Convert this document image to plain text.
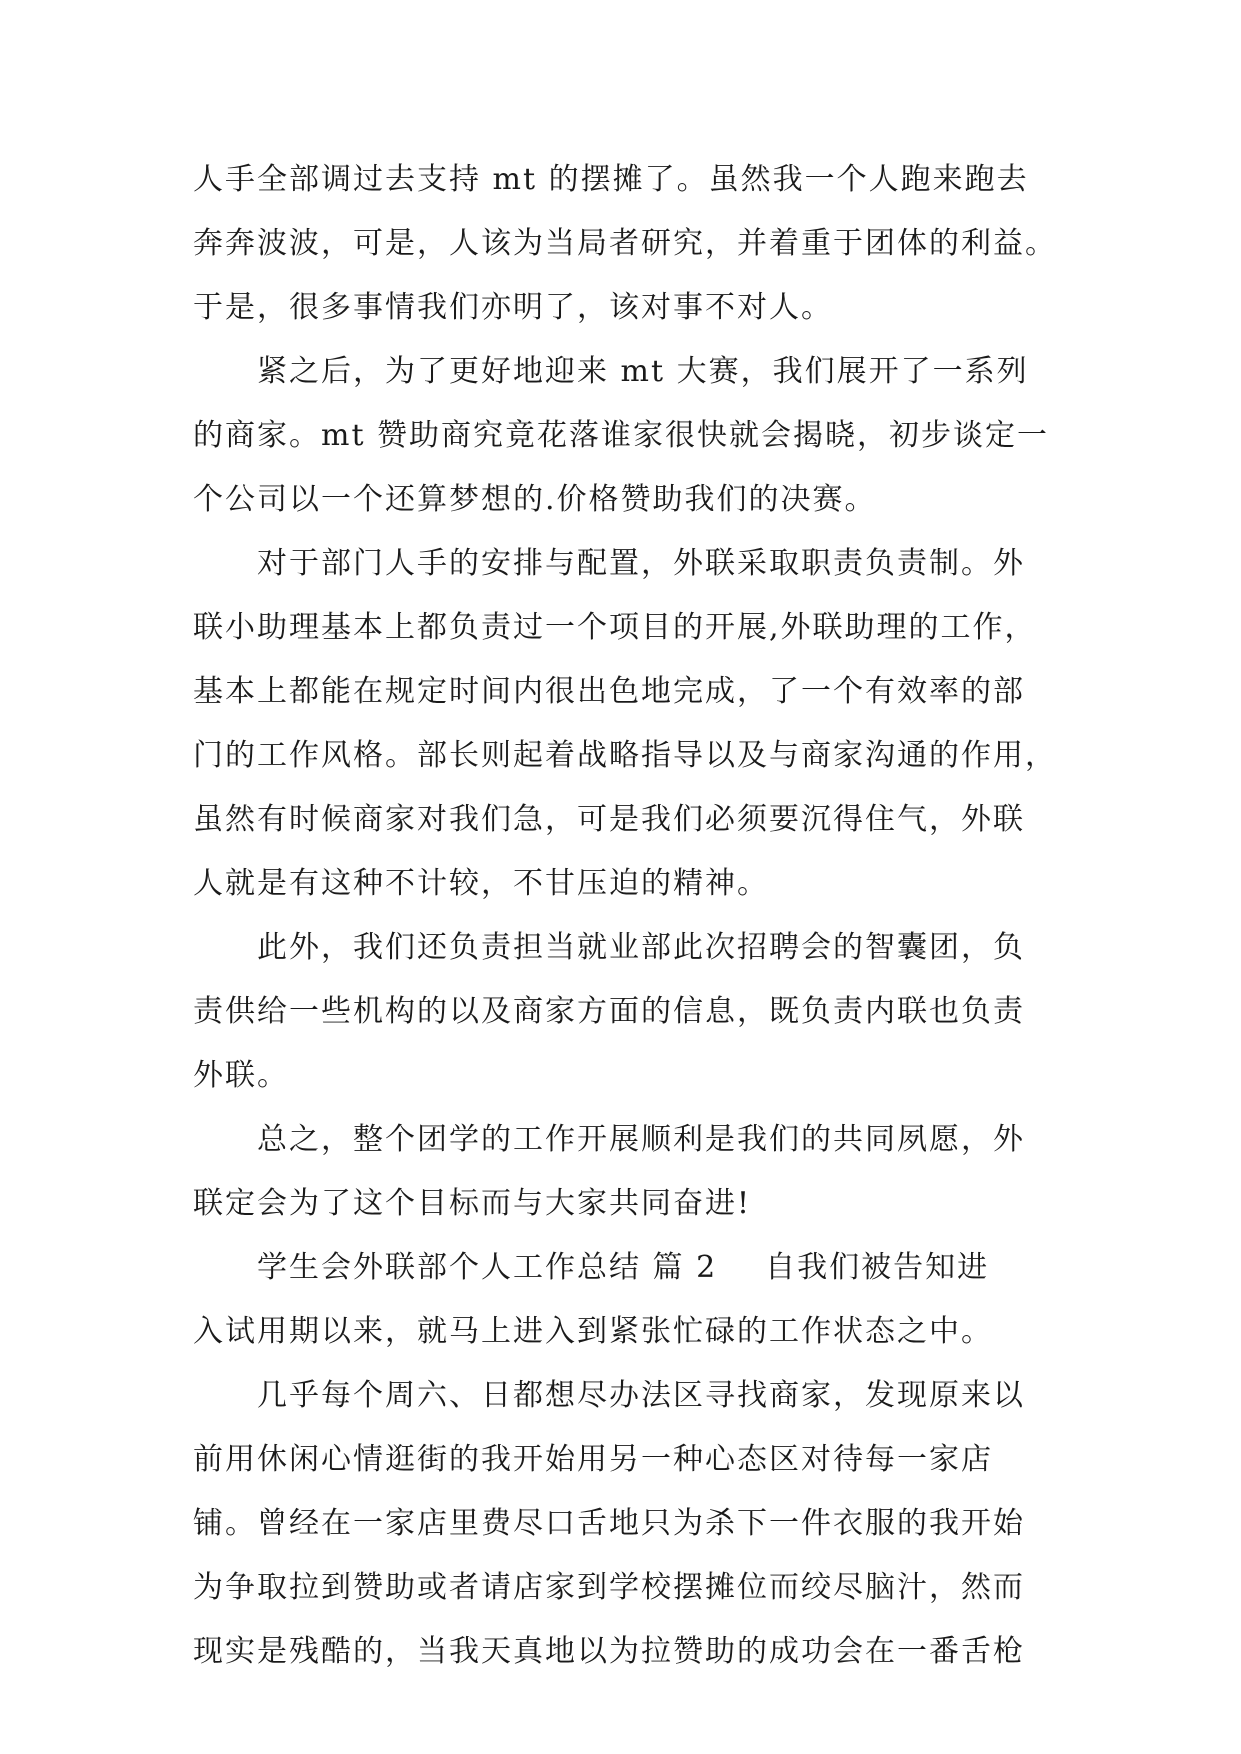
人手全部调过去支持 mt 的摆摊了。虽然我一个人跑来跑去
奔奔波波，可是，人该为当局者研究，并着重于团体的利益。
于是，很多事情我们亦明了，该对事不对人。
紧之后，为了更好地迎来 mt 大赛，我们展开了一系列
的商家。mt 赞助商究竟花落谁家很快就会揭晓，初步谈定一
个公司以一个还算梦想的.价格赞助我们的决赛。
对于部门人手的安排与配置，外联采取职责负责制。外
联小助理基本上都负责过一个项目的开展,外联助理的工作，
基本上都能在规定时间内很出色地完成，了一个有效率的部
门的工作风格。部长则起着战略指导以及与商家沟通的作用，
虽然有时候商家对我们急，可是我们必须要沉得住气，外联
人就是有这种不计较，不甘压迫的精神。
此外，我们还负责担当就业部此次招聘会的智囊团，负
责供给一些机构的以及商家方面的信息，既负责内联也负责
外联。
总之，整个团学的工作开展顺利是我们的共同夙愿，外
联定会为了这个目标而与大家共同奋进!
学生会外联部个人工作总结 篇 2 自我们被告知进
入试用期以来，就马上进入到紧张忙碌的工作状态之中。
几乎每个周六、日都想尽办法区寻找商家，发现原来以
前用休闲心情逛街的我开始用另一种心态区对待每一家店
铺。曾经在一家店里费尽口舌地只为杀下一件衣服的我开始
为争取拉到赞助或者请店家到学校摆摊位而绞尽脑汁，然而
现实是残酷的，当我天真地以为拉赞助的成功会在一番舌枪
